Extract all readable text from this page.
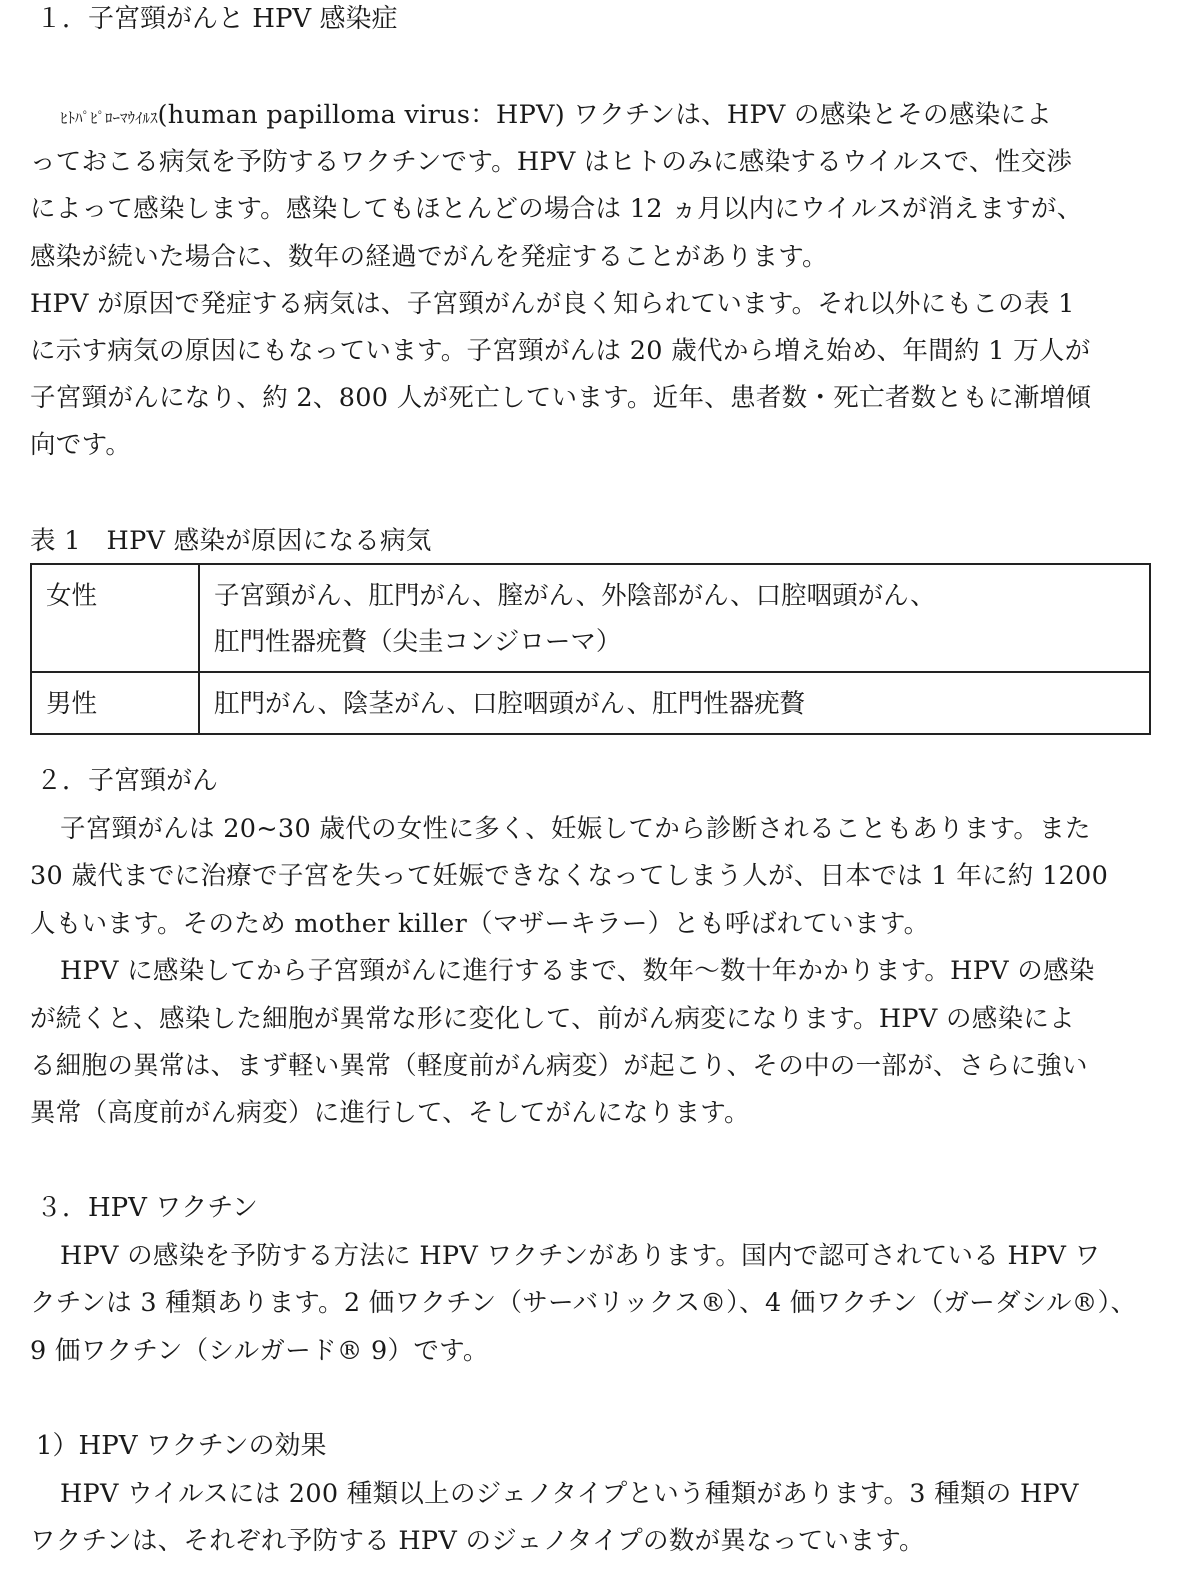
１．子宮頸がんと HPV 感染症
ﾋﾄﾊﾟﾋﾟﾛｰﾏｳｲﾙｽ(human papilloma virus：HPV) ワクチンは、HPV の感染とその感染によ
っておこる病気を予防するワクチンです。HPV はヒトのみに感染するウイルスで、性交渉
によって感染します。感染してもほとんどの場合は 12 ヵ月以内にウイルスが消えますが、
感染が続いた場合に、数年の経過でがんを発症することがあります。
HPV が原因で発症する病気は、子宮頸がんが良く知られています。それ以外にもこの表 1
に示す病気の原因にもなっています。子宮頸がんは 20 歳代から増え始め、年間約 1 万人が
子宮頸がんになり、約 2、800 人が死亡しています。近年、患者数・死亡者数ともに漸増傾
向です。
表 1　HPV 感染が原因になる病気
女性	子宮頸がん、肛門がん、膣がん、外陰部がん、口腔咽頭がん、
肛門性器疣贅（尖圭コンジローマ）

男性	肛門がん、陰茎がん、口腔咽頭がん、肛門性器疣贅
２．子宮頸がん
子宮頸がんは 20~30 歳代の女性に多く、妊娠してから診断されることもあります。また
30 歳代までに治療で子宮を失って妊娠できなくなってしまう人が、日本では 1 年に約 1200
人もいます。そのため mother killer（マザーキラー）とも呼ばれています。
HPV に感染してから子宮頸がんに進行するまで、数年〜数十年かかります。HPV の感染
が続くと、感染した細胞が異常な形に変化して、前がん病変になります。HPV の感染によ
る細胞の異常は、まず軽い異常（軽度前がん病変）が起こり、その中の一部が、さらに強い
異常（高度前がん病変）に進行して、そしてがんになります。
３．HPV ワクチン
HPV の感染を予防する方法に HPV ワクチンがあります。国内で認可されている HPV ワ
クチンは 3 種類あります。2 価ワクチン（サーバリックス®）、4 価ワクチン（ガーダシル®）、
9 価ワクチン（シルガード® 9）です。
1）HPV ワクチンの効果
HPV ウイルスには 200 種類以上のジェノタイプという種類があります。3 種類の HPV
ワクチンは、それぞれ予防する HPV のジェノタイプの数が異なっています。
